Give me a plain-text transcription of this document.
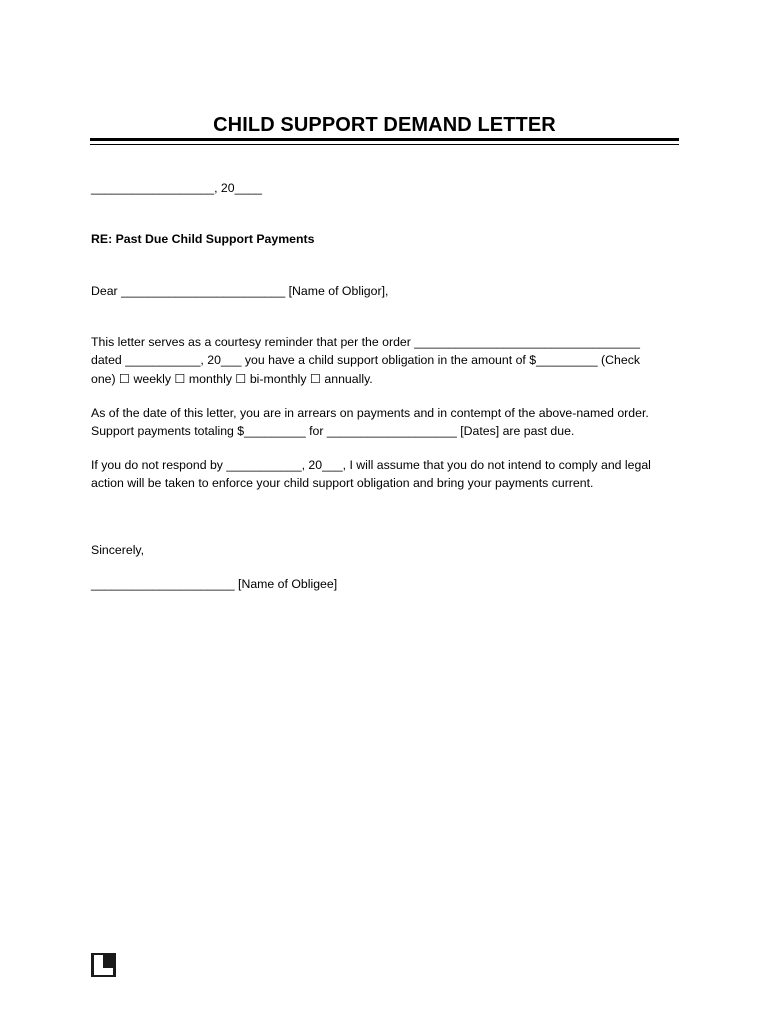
CHILD SUPPORT DEMAND LETTER
__________________, 20____
RE: Past Due Child Support Payments
Dear ________________________ [Name of Obligor],
This letter serves as a courtesy reminder that per the order _________________________________
dated ___________, 20___ you have a child support obligation in the amount of $_________ (Check
one) ☐ weekly ☐ monthly ☐ bi-monthly ☐ annually.
As of the date of this letter, you are in arrears on payments and in contempt of the above-named order.
Support payments totaling $_________ for ___________________ [Dates] are past due.
If you do not respond by ___________, 20___, I will assume that you do not intend to comply and legal
action will be taken to enforce your child support obligation and bring your payments current.
Sincerely,
_____________________ [Name of Obligee]
